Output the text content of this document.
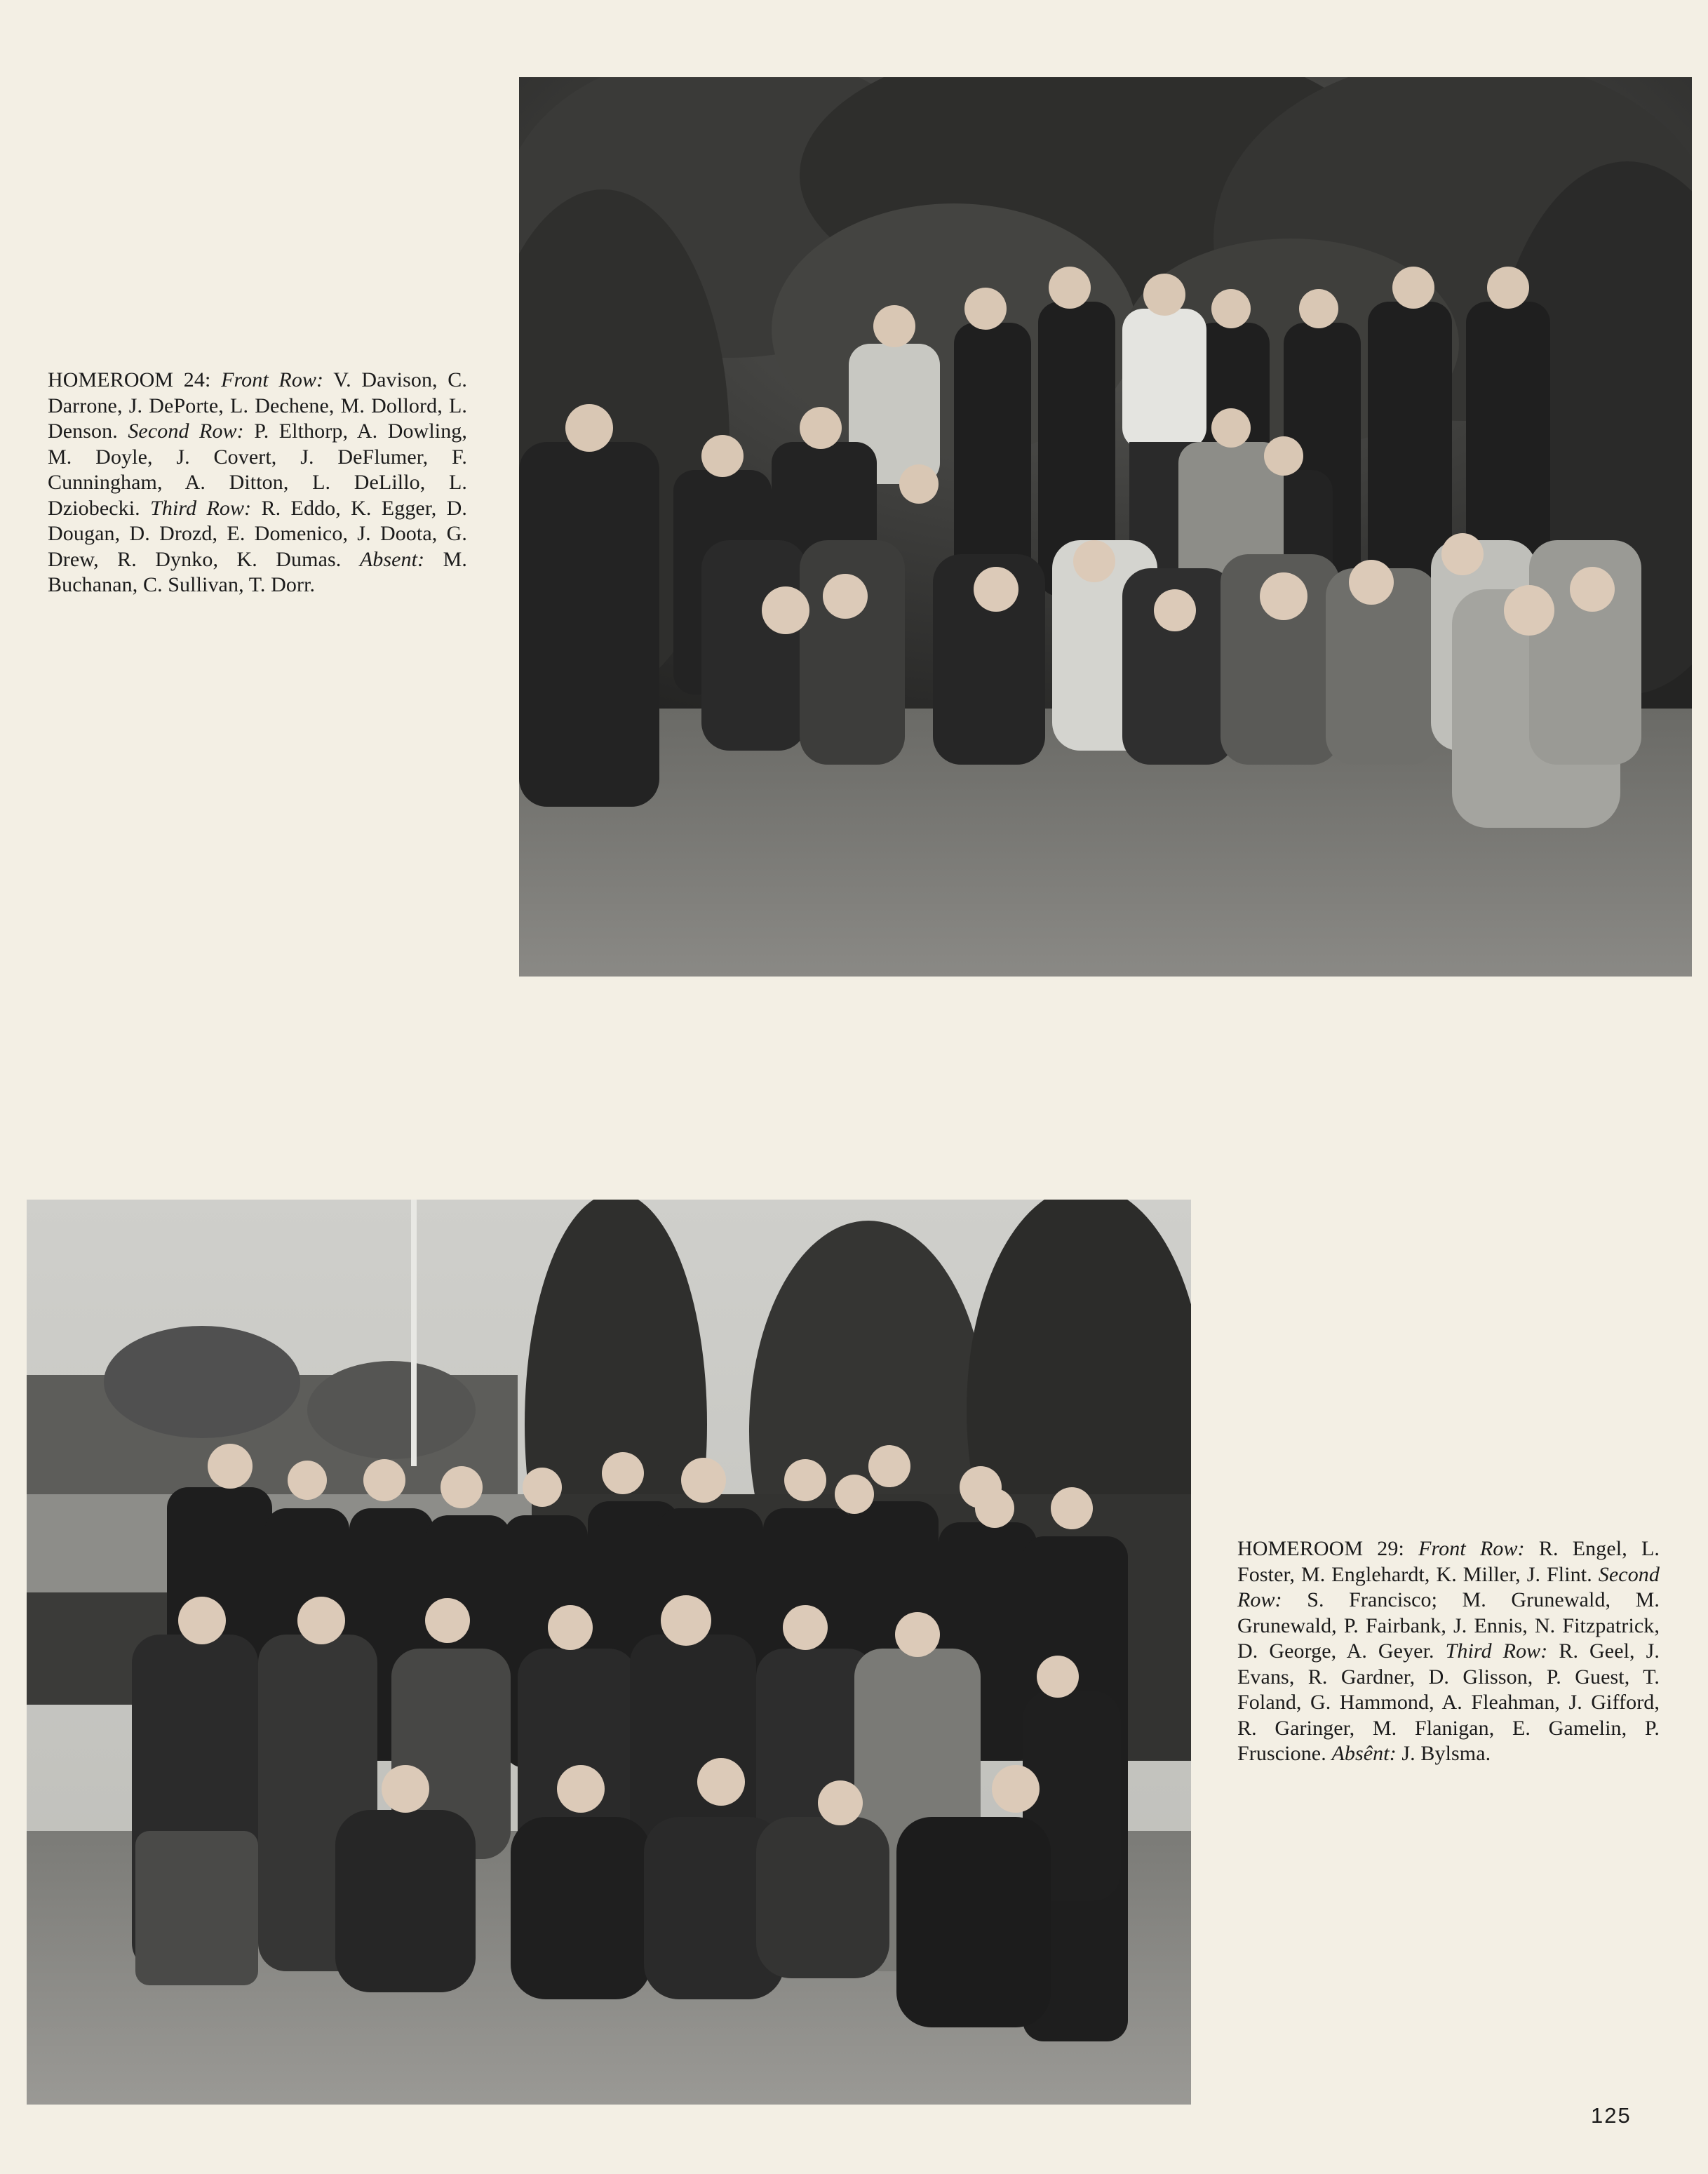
HOMEROOM 24: Front Row: V. Davison, C. Darrone, J. DePorte, L. Dechene, M. Dollord, L. Denson. Second Row: P. Elthorp, A. Dowling, M. Doyle, J. Covert, J. DeFlumer, F. Cunningham, A. Ditton, L. DeLillo, L. Dziobecki. Third Row: R. Eddo, K. Egger, D. Dougan, D. Drozd, E. Domenico, J. Doota, G. Drew, R. Dynko, K. Dumas. Absent: M. Buchanan, C. Sullivan, T. Dorr.
HOMEROOM 29: Front Row: R. Engel, L. Foster, M. Englehardt, K. Miller, J. Flint. Second Row: S. Francisco; M. Grunewald, M. Grunewald, P. Fairbank, J. Ennis, N. Fitzpatrick, D. George, A. Geyer. Third Row: R. Geel, J. Evans, R. Gardner, D. Glisson, P. Guest, T. Foland, G. Hammond, A. Fleahman, J. Gifford, R. Garinger, M. Flanigan, E. Gamelin, P. Fruscione. Absênt: J. Bylsma.
125
